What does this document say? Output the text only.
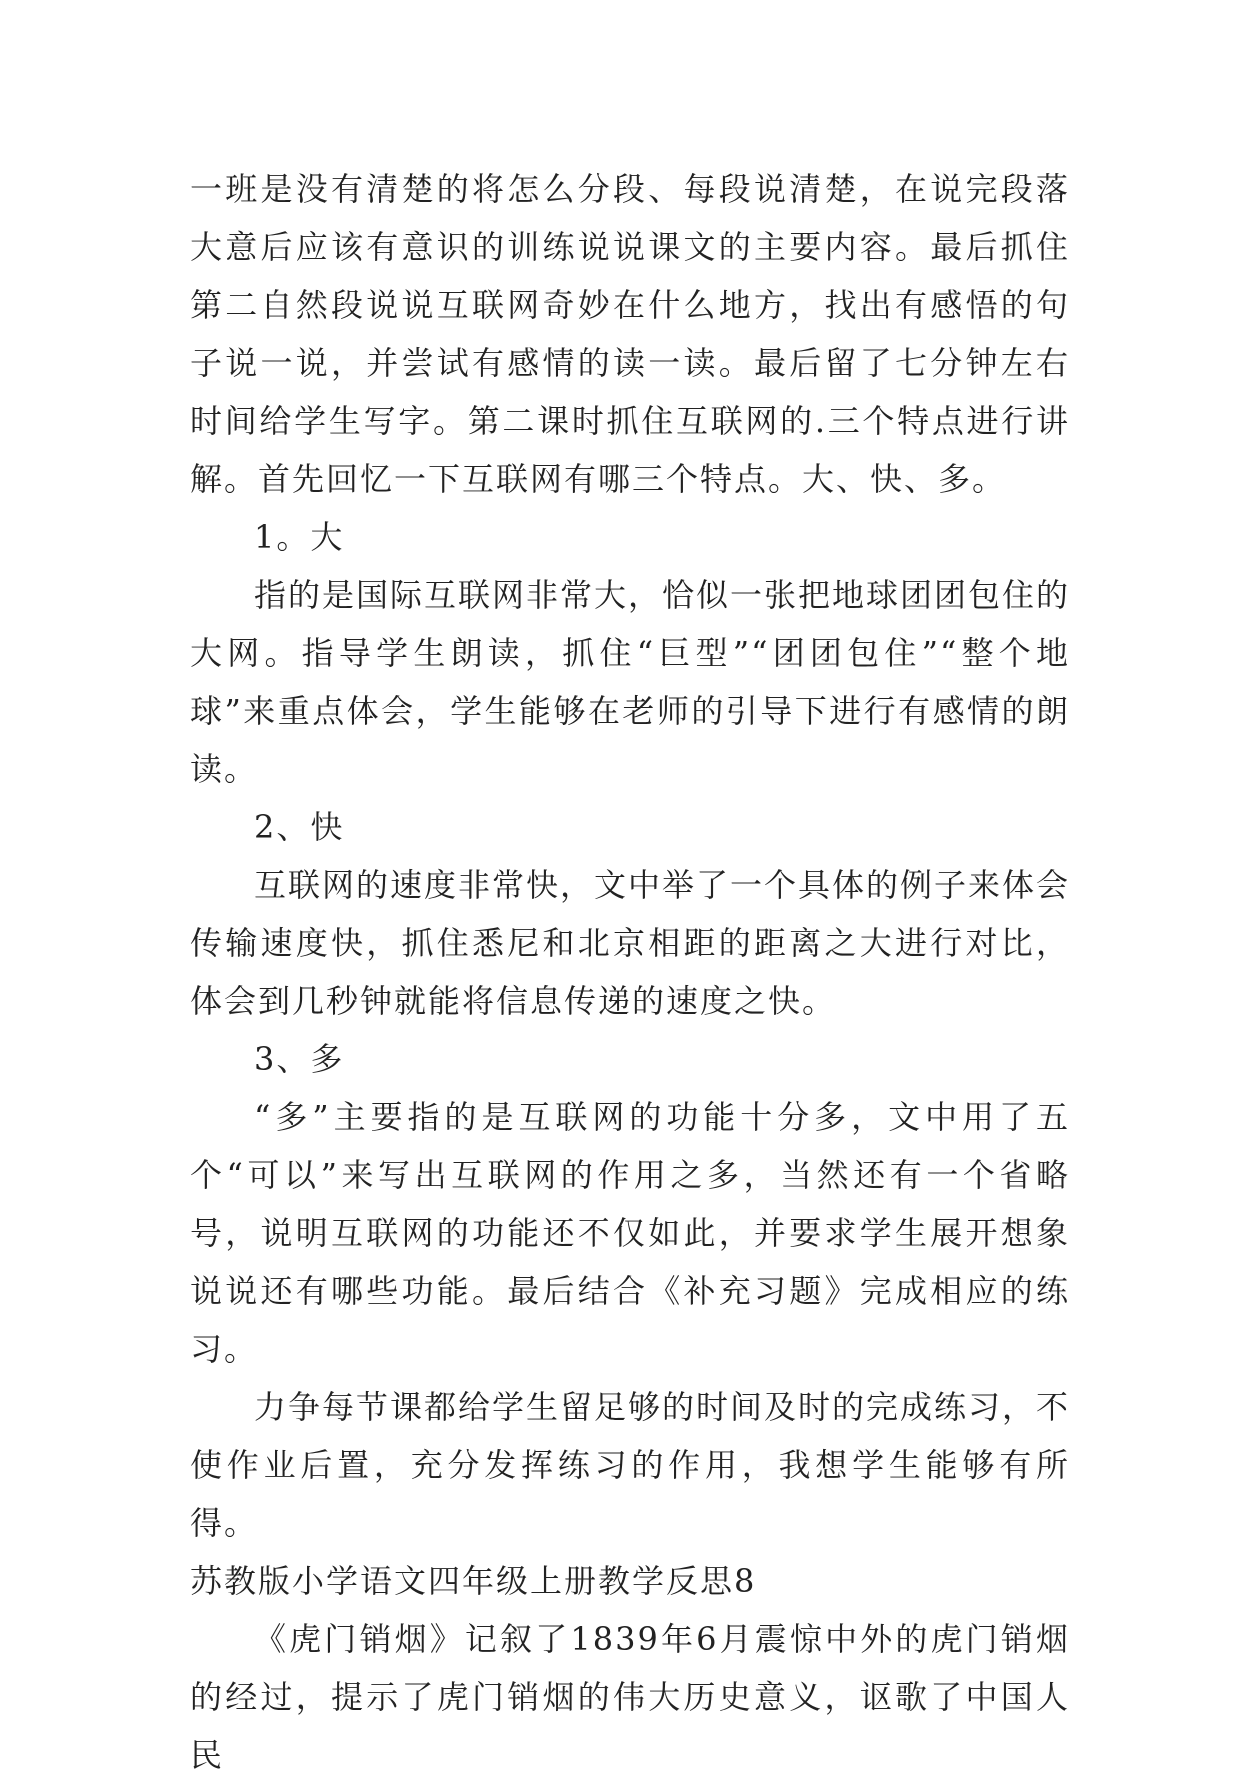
一班是没有清楚的将怎么分段、每段说清楚，在说完段落大意后应该有意识的训练说说课文的主要内容。最后抓住第二自然段说说互联网奇妙在什么地方，找出有感悟的句子说一说，并尝试有感情的读一读。最后留了七分钟左右时间给学生写字。第二课时抓住互联网的.三个特点进行讲解。首先回忆一下互联网有哪三个特点。大、快、多。

1。大

指的是国际互联网非常大，恰似一张把地球团团包住的大网。指导学生朗读，抓住“巨型”“团团包住”“整个地球”来重点体会，学生能够在老师的引导下进行有感情的朗读。

2、快

互联网的速度非常快，文中举了一个具体的例子来体会传输速度快，抓住悉尼和北京相距的距离之大进行对比，体会到几秒钟就能将信息传递的速度之快。

3、多

“多”主要指的是互联网的功能十分多，文中用了五个“可以”来写出互联网的作用之多，当然还有一个省略号，说明互联网的功能还不仅如此，并要求学生展开想象说说还有哪些功能。最后结合《补充习题》完成相应的练习。

力争每节课都给学生留足够的时间及时的完成练习，不使作业后置，充分发挥练习的作用，我想学生能够有所得。

苏教版小学语文四年级上册教学反思8

《虎门销烟》记叙了1839年6月震惊中外的虎门销烟的经过，提示了虎门销烟的伟大历史意义，讴歌了中国人民
